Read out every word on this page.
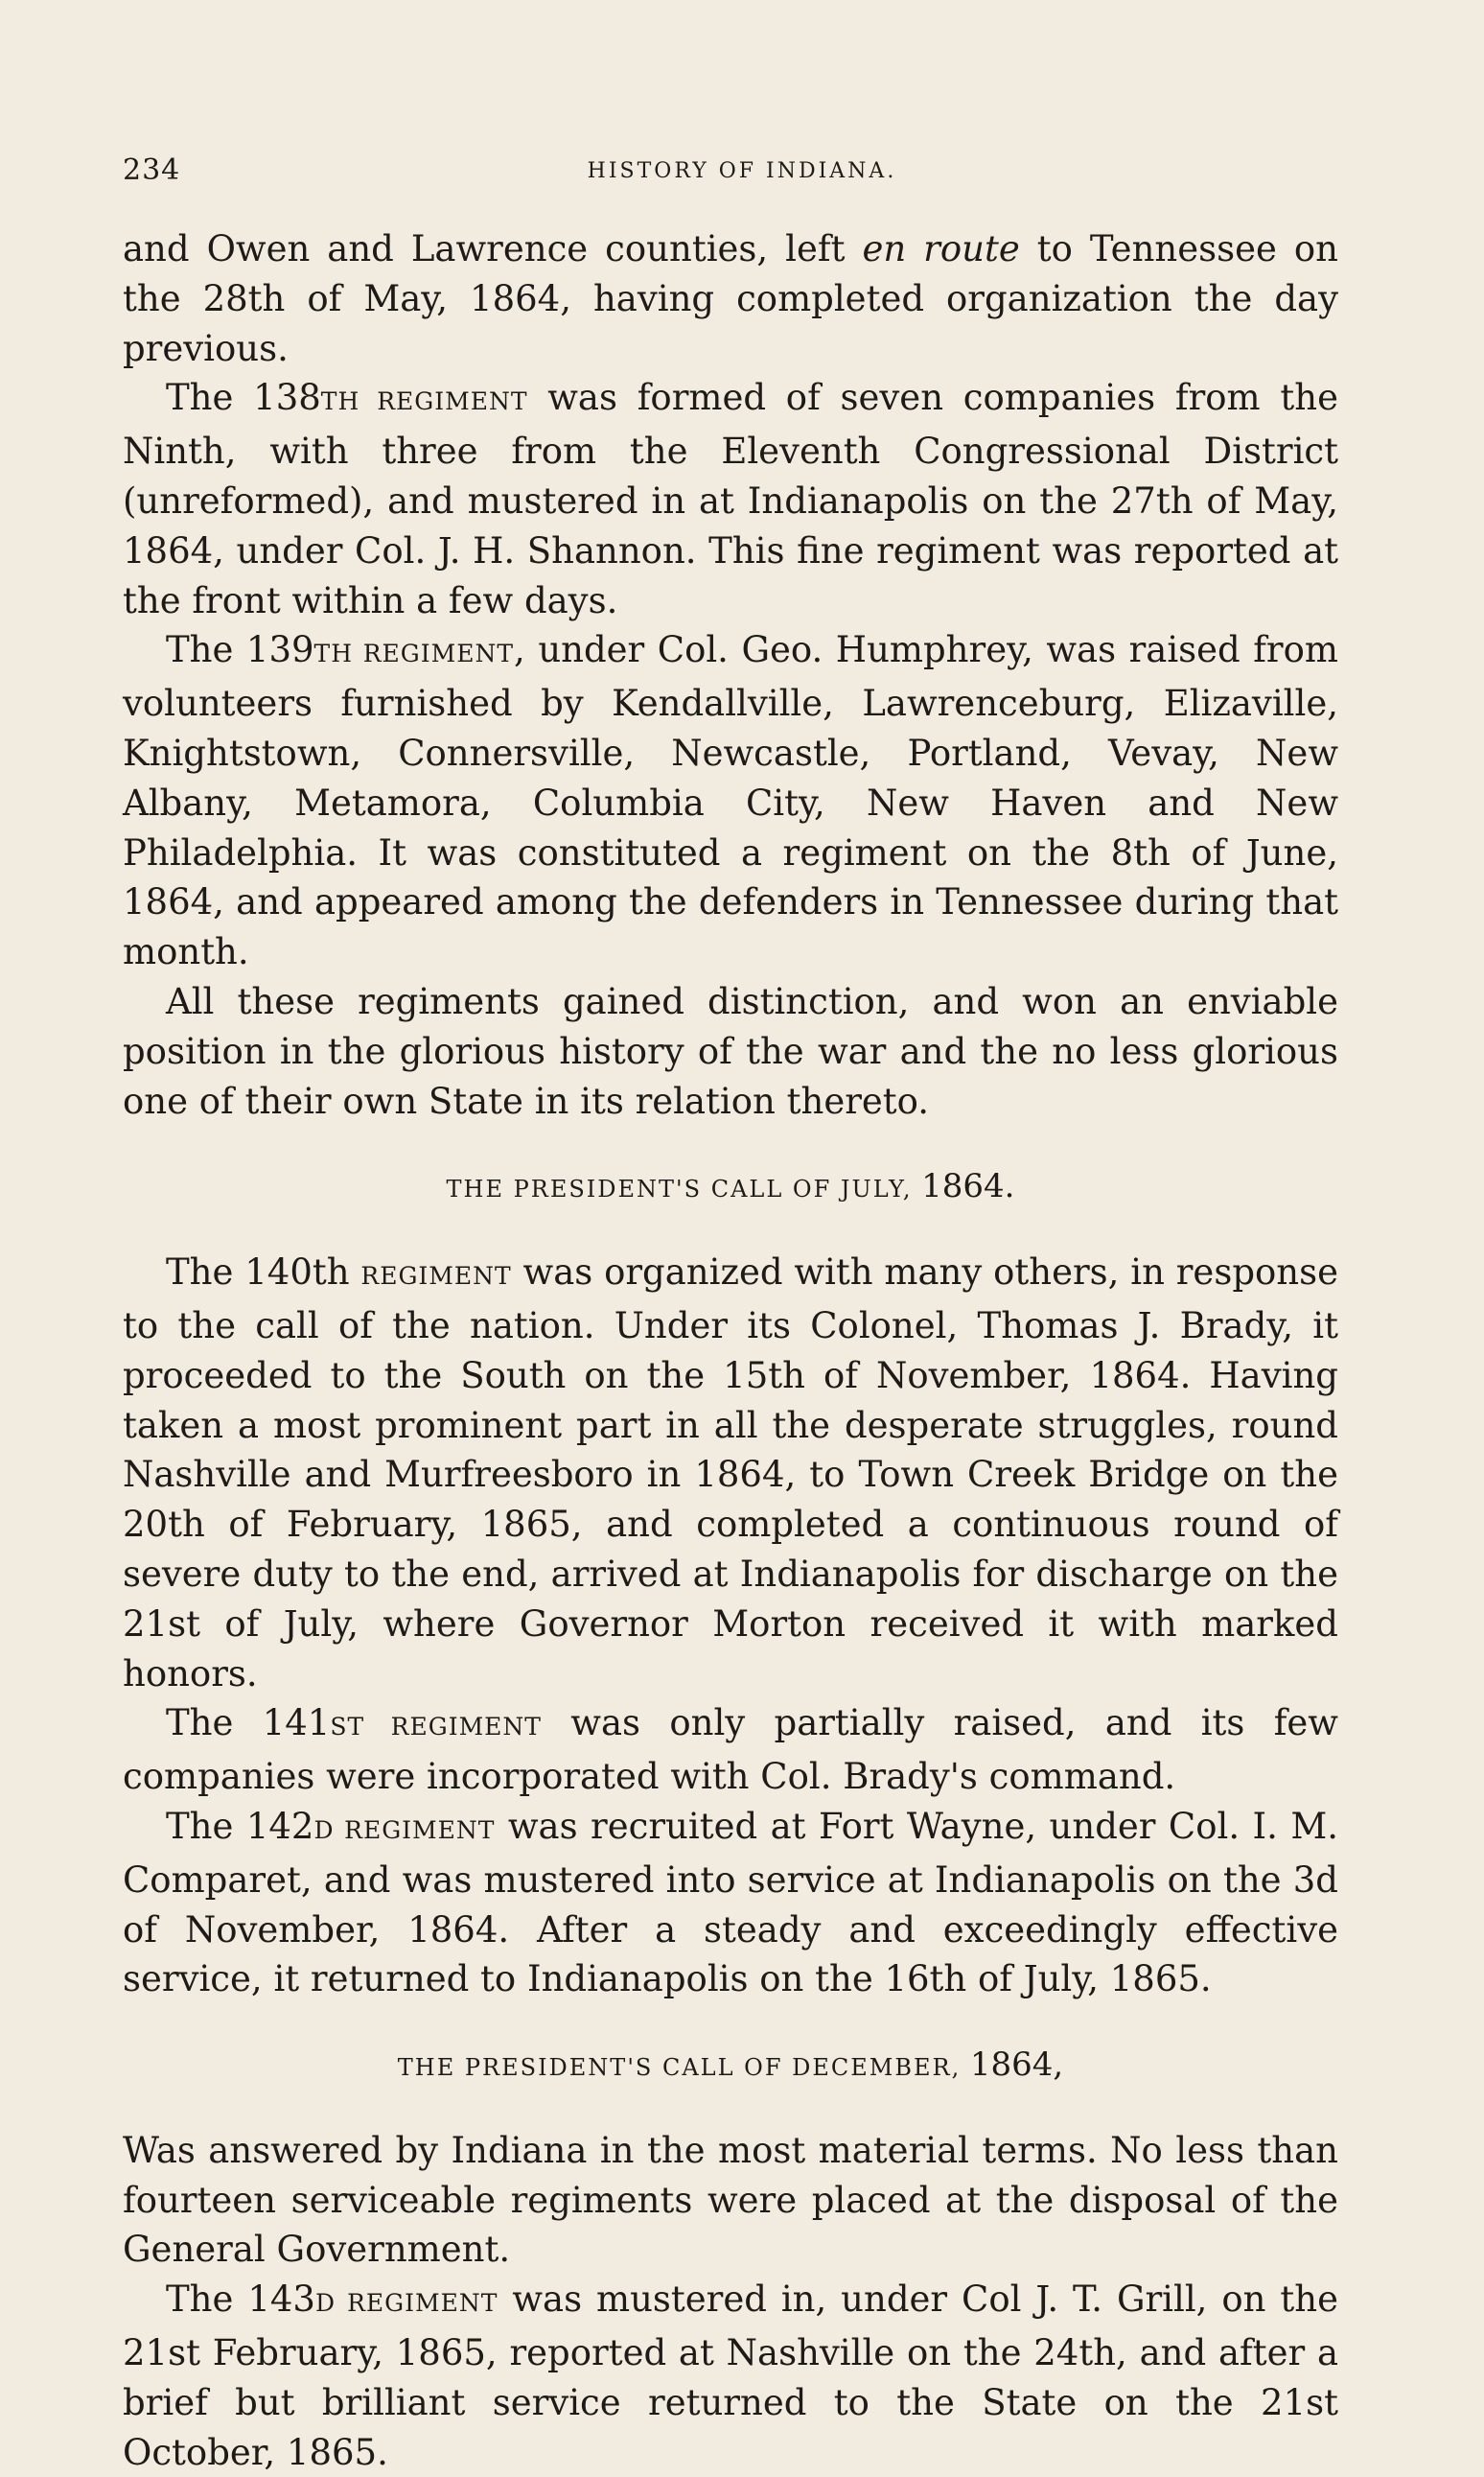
234	HISTORY OF INDIANA.

and Owen and Lawrence counties, left en route to Tennessee on the 28th of May, 1864, having completed organization the day previous.

The 138TH REGIMENT was formed of seven companies from the Ninth, with three from the Eleventh Congressional District (unreformed), and mustered in at Indianapolis on the 27th of May, 1864, under Col. J. H. Shannon. This fine regiment was reported at the front within a few days.

The 139TH REGIMENT, under Col. Geo. Humphrey, was raised from volunteers furnished by Kendallville, Lawrenceburg, Elizaville, Knightstown, Connersville, Newcastle, Portland, Vevay, New Albany, Metamora, Columbia City, New Haven and New Philadelphia. It was constituted a regiment on the 8th of June, 1864, and appeared among the defenders in Tennessee during that month.

All these regiments gained distinction, and won an enviable position in the glorious history of the war and the no less glorious one of their own State in its relation thereto.

THE PRESIDENT'S CALL OF JULY, 1864.

The 140th REGIMENT was organized with many others, in response to the call of the nation. Under its Colonel, Thomas J. Brady, it proceeded to the South on the 15th of November, 1864. Having taken a most prominent part in all the desperate struggles, round Nashville and Murfreesboro in 1864, to Town Creek Bridge on the 20th of February, 1865, and completed a continuous round of severe duty to the end, arrived at Indianapolis for discharge on the 21st of July, where Governor Morton received it with marked honors.

The 141ST REGIMENT was only partially raised, and its few companies were incorporated with Col. Brady's command.

The 142D REGIMENT was recruited at Fort Wayne, under Col. I. M. Comparet, and was mustered into service at Indianapolis on the 3d of November, 1864. After a steady and exceedingly effective service, it returned to Indianapolis on the 16th of July, 1865.

THE PRESIDENT'S CALL OF DECEMBER, 1864,

Was answered by Indiana in the most material terms. No less than fourteen serviceable regiments were placed at the disposal of the General Government.

The 143D REGIMENT was mustered in, under Col J. T. Grill, on the 21st February, 1865, reported at Nashville on the 24th, and after a brief but brilliant service returned to the State on the 21st October, 1865.
